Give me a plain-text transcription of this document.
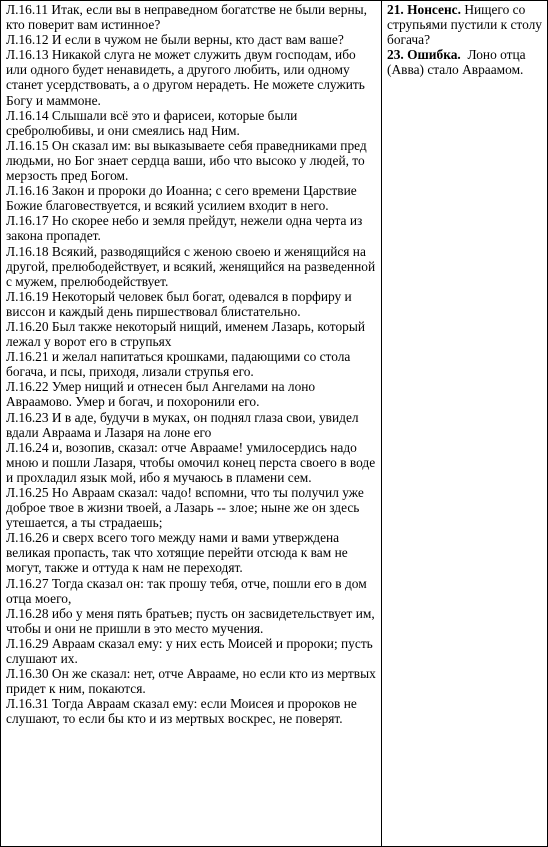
Л.16.11 Итак, если вы в неправедном богатстве не были верны, кто поверит вам истинное?
Л.16.12 И если в чужом не были верны, кто даст вам ваше?
Л.16.13 Никакой слуга не может служить двум господам, ибо или одного будет ненавидеть, а другого любить, или одному станет усердствовать, а о другом нерадеть. Не можете служить Богу и маммоне.
Л.16.14 Слышали всё это и фарисеи, которые были сребролюбивы, и они смеялись над Ним.
Л.16.15 Он сказал им: вы выказываете себя праведниками пред людьми, но Бог знает сердца ваши, ибо что высоко у людей, то мерзость пред Богом.
Л.16.16 Закон и пророки до Иоанна; с сего времени Царствие Божие благовествуется, и всякий усилием входит в него.
Л.16.17 Но скорее небо и земля прейдут, нежели одна черта из закона пропадет.
Л.16.18 Всякий, разводящийся с женою своею и женящийся на другой, прелюбодействует, и всякий, женящийся на разведенной с мужем, прелюбодействует.
Л.16.19 Некоторый человек был богат, одевался в порфиру и виссон и каждый день пиршествовал блистательно.
Л.16.20 Был также некоторый нищий, именем Лазарь, который лежал у ворот его в струпьях
Л.16.21 и желал напитаться крошками, падающими со стола богача, и псы, приходя, лизали струпья его.
Л.16.22 Умер нищий и отнесен был Ангелами на лоно Авраамово. Умер и богач, и похоронили его.
Л.16.23 И в аде, будучи в муках, он поднял глаза свои, увидел вдали Авраама и Лазаря на лоне его
Л.16.24 и, возопив, сказал: отче Аврааме! умилосердись надо мною и пошли Лазаря, чтобы омочил конец перста своего в воде и прохладил язык мой, ибо я мучаюсь в пламени сем.
Л.16.25 Но Авраам сказал: чадо! вспомни, что ты получил уже доброе твое в жизни твоей, а Лазарь -- злое; ныне же он здесь утешается, а ты страдаешь;
Л.16.26 и сверх всего того между нами и вами утверждена великая пропасть, так что хотящие перейти отсюда к вам не могут, также и оттуда к нам не переходят.
Л.16.27 Тогда сказал он: так прошу тебя, отче, пошли его в дом отца моего,
Л.16.28 ибо у меня пять братьев; пусть он засвидетельствует им, чтобы и они не пришли в это место мучения.
Л.16.29 Авраам сказал ему: у них есть Моисей и пророки; пусть слушают их.
Л.16.30 Он же сказал: нет, отче Аврааме, но если кто из мертвых придет к ним, покаются.
Л.16.31 Тогда Авраам сказал ему: если Моисея и пророков не слушают, то если бы кто и из мертвых воскрес, не поверят.

21. Нонсенс. Нищего со струпьями пустили к столу богача?
23. Ошибка.  Лоно отца (Авва) стало Авраамом.
